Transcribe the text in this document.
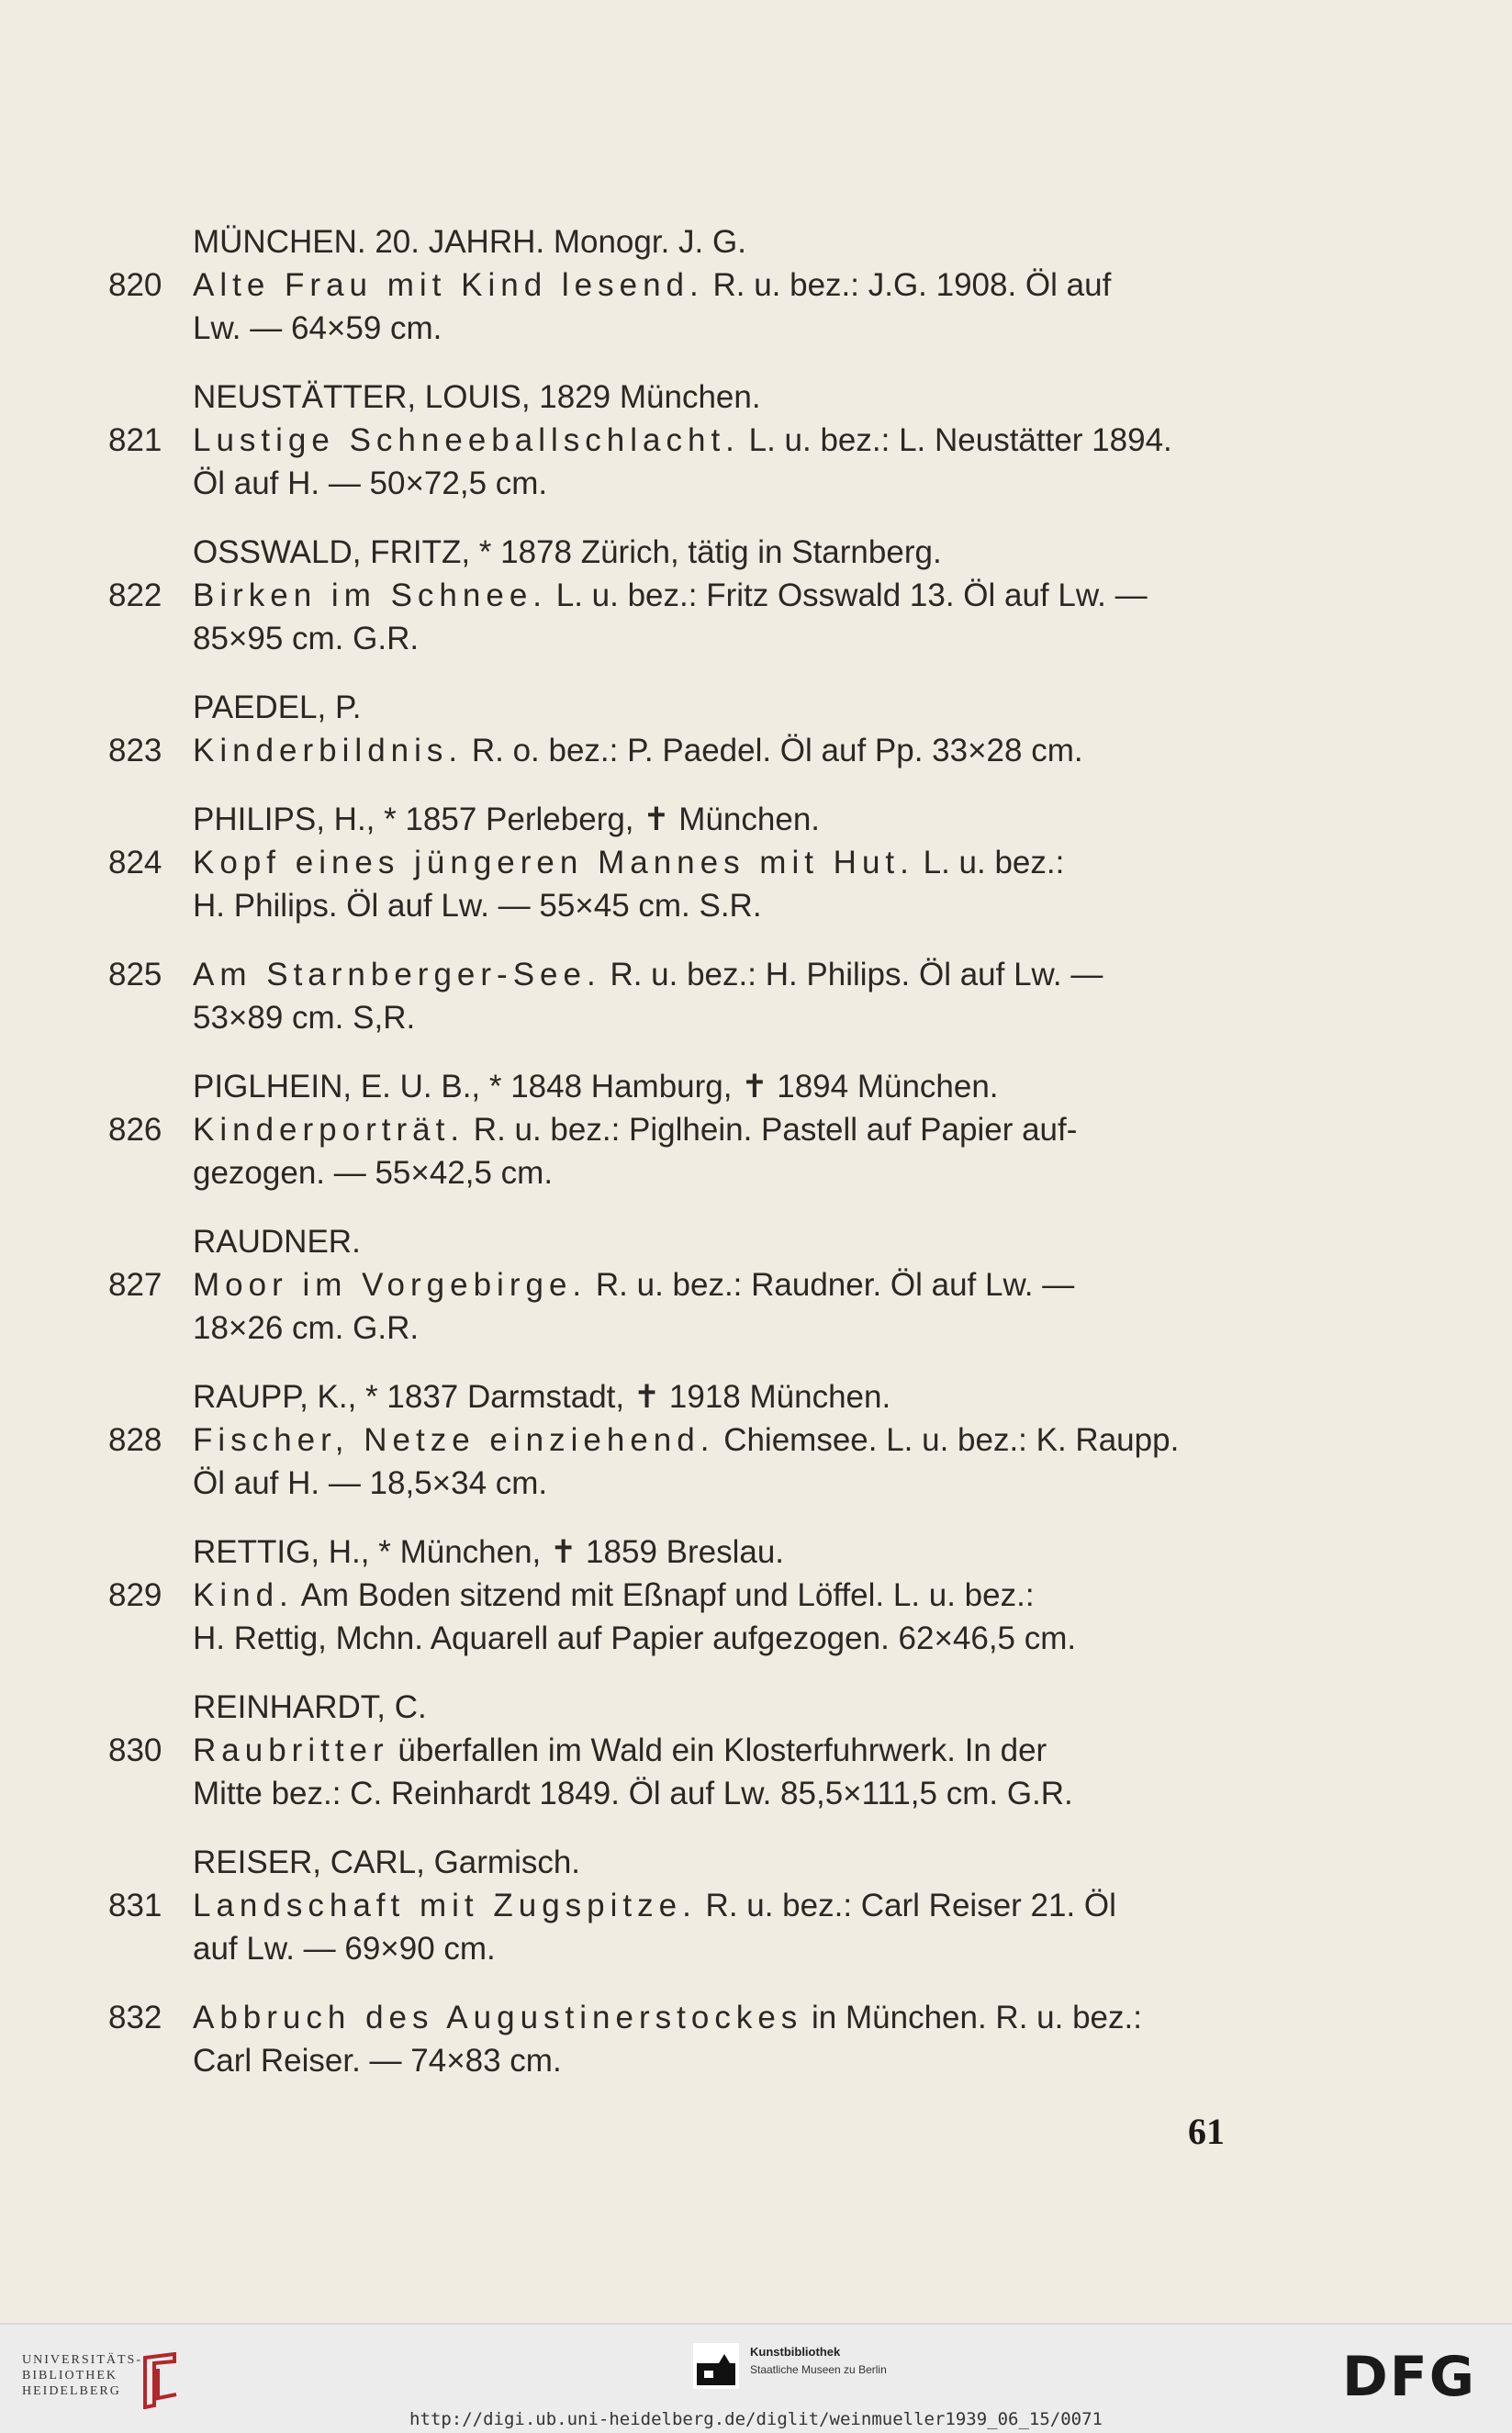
MÜNCHEN. 20. JAHRH. Monogr. J. G.
820 Alte Frau mit Kind lesend. R. u. bez.: J.G. 1908. Öl auf
Lw. — 64×59 cm.
NEUSTÄTTER, LOUIS, 1829 München.
821 Lustige Schneeballschlacht. L. u. bez.: L. Neustätter 1894.
Öl auf H. — 50×72,5 cm.
OSSWALD, FRITZ, * 1878 Zürich, tätig in Starnberg.
822 Birken im Schnee. L. u. bez.: Fritz Osswald 13. Öl auf Lw. —
85×95 cm. G.R.
PAEDEL, P.
823 Kinderbildnis. R. o. bez.: P. Paedel. Öl auf Pp. 33×28 cm.
PHILIPS, H., * 1857 Perleberg, ✝ München.
824 Kopf eines jüngeren Mannes mit Hut. L. u. bez.:
H. Philips. Öl auf Lw. — 55×45 cm. S.R.
825 Am Starnberger-See. R. u. bez.: H. Philips. Öl auf Lw. —
53×89 cm. S,R.
PIGLHEIN, E. U. B., * 1848 Hamburg, ✝ 1894 München.
826 Kinderporträt. R. u. bez.: Piglhein. Pastell auf Papier auf-
gezogen. — 55×42,5 cm.
RAUDNER.
827 Moor im Vorgebirge. R. u. bez.: Raudner. Öl auf Lw. —
18×26 cm. G.R.
RAUPP, K., * 1837 Darmstadt, ✝ 1918 München.
828 Fischer, Netze einziehend. Chiemsee. L. u. bez.: K. Raupp.
Öl auf H. — 18,5×34 cm.
RETTIG, H., * München, ✝ 1859 Breslau.
829 Kind. Am Boden sitzend mit Eßnapf und Löffel. L. u. bez.:
H. Rettig, Mchn. Aquarell auf Papier aufgezogen. 62×46,5 cm.
REINHARDT, C.
830 Raubritter überfallen im Wald ein Klosterfuhrwerk. In der
Mitte bez.: C. Reinhardt 1849. Öl auf Lw. 85,5×111,5 cm. G.R.
REISER, CARL, Garmisch.
831 Landschaft mit Zugspitze. R. u. bez.: Carl Reiser 21. Öl
auf Lw. — 69×90 cm.
832 Abbruch des Augustinerstockes in München. R. u. bez.:
Carl Reiser. — 74×83 cm.
61
UNIVERSITÄTS-
BIBLIOTHEK
HEIDELBERG
Kunstbibliothek
Staatliche Museen zu Berlin	DFG
http://digi.ub.uni-heidelberg.de/diglit/weinmueller1939_06_15/0071
